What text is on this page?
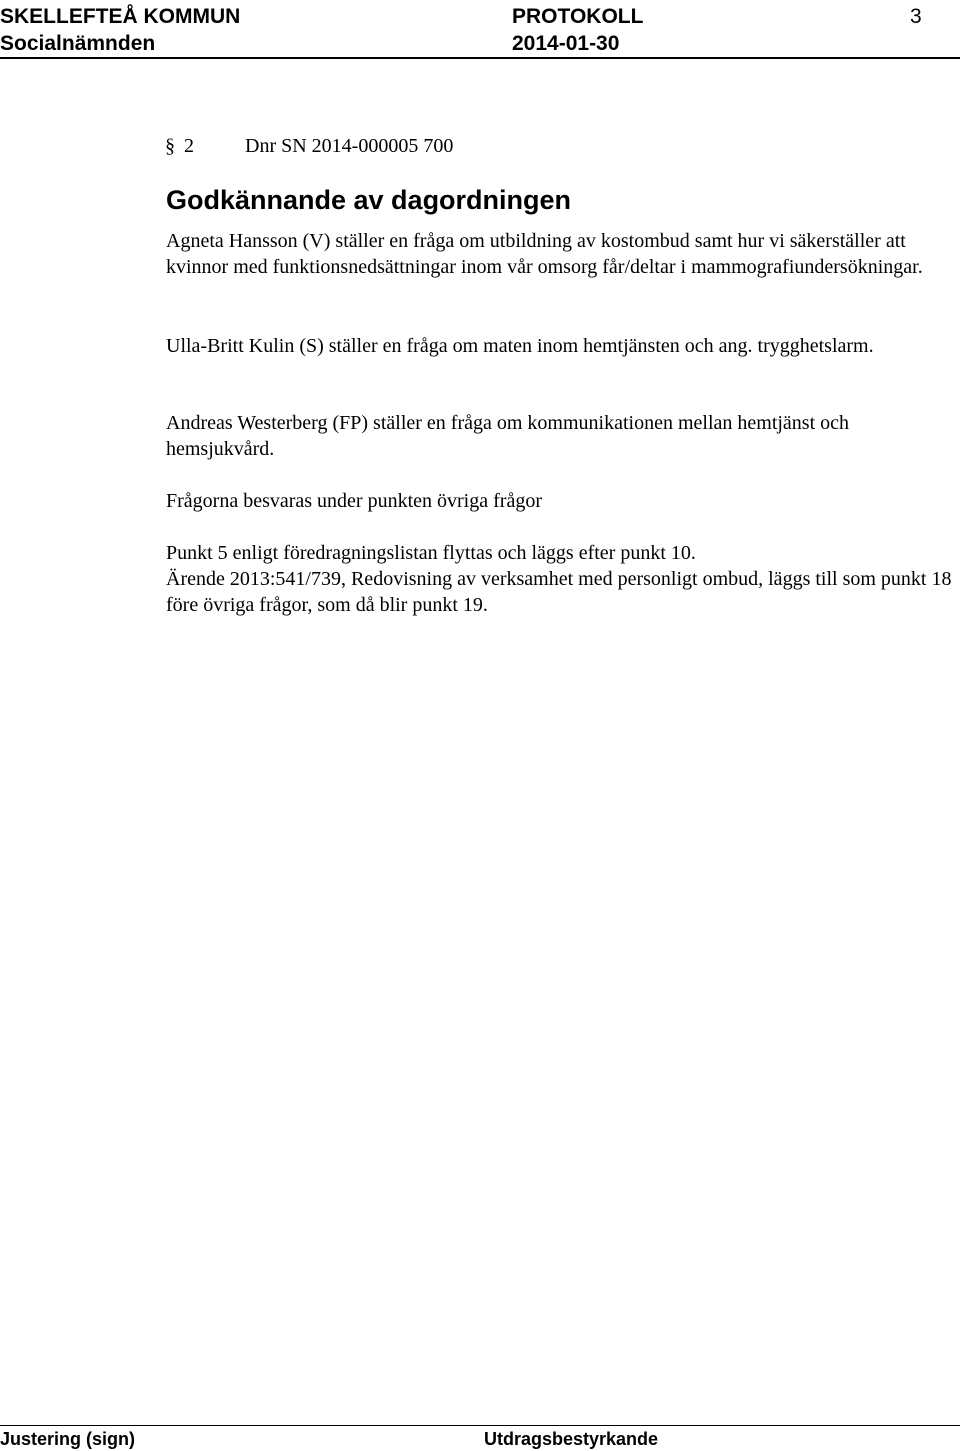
SKELLEFTEÅ KOMMUN
Socialnämnden
PROTOKOLL
2014-01-30
3
§ 2	Dnr SN 2014-000005 700
Godkännande av dagordningen

Agneta Hansson (V) ställer en fråga om utbildning av kostombud samt hur vi säkerställer att kvinnor med funktionsnedsättningar inom vår omsorg får/deltar i mammografiundersökningar.

Ulla-Britt Kulin (S) ställer en fråga om maten inom hemtjänsten och ang. trygghetslarm.

Andreas Westerberg (FP) ställer en fråga om kommunikationen mellan hemtjänst och hemsjukvård.

Frågorna besvaras under punkten övriga frågor

Punkt 5 enligt föredragningslistan flyttas och läggs efter punkt 10.

Ärende 2013:541/739, Redovisning av verksamhet med personligt ombud, läggs till som punkt 18 före övriga frågor, som då blir punkt 19.

Justering (sign)	Utdragsbestyrkande
